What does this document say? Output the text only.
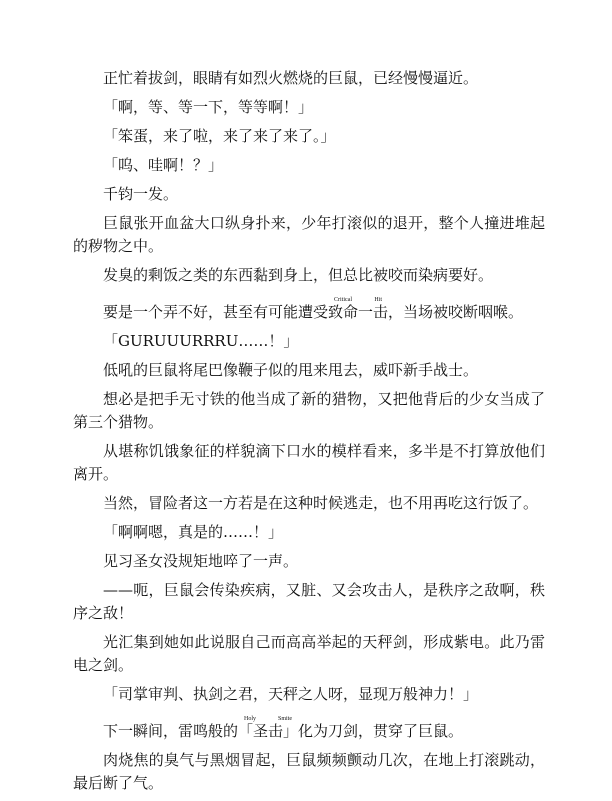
正忙着拔剑，眼睛有如烈火燃烧的巨鼠，已经慢慢逼近。

「啊，等、等一下，等等啊！」

「笨蛋，来了啦，来了来了来了。」

「呜、哇啊！？」

千钧一发。

巨鼠张开血盆大口纵身扑来，少年打滚似的退开，整个人撞进堆起的秽物之中。

发臭的剩饭之类的东西黏到身上，但总比被咬而染病要好。

要是一个弄不好，甚至有可能遭受致命一击Critical Hit，当场被咬断咽喉。

「GURUUURRRU……！」

低吼的巨鼠将尾巴像鞭子似的甩来甩去，威吓新手战士。

想必是把手无寸铁的他当成了新的猎物，又把他背后的少女当成了第三个猎物。

从堪称饥饿象征的样貌滴下口水的模样看来，多半是不打算放他们离开。

当然，冒险者这一方若是在这种时候逃走，也不用再吃这行饭了。

「啊啊嗯，真是的……！」

见习圣女没规矩地啐了一声。

——呃，巨鼠会传染疾病，又脏、又会攻击人，是秩序之敌啊，秩序之敌！

光汇集到她如此说服自己而高高举起的天秤剑，形成紫电。此乃雷电之剑。

「司掌审判、执剑之君，天秤之人呀，显现万般神力！」

下一瞬间，雷鸣般的「圣击」Holy Smite化为刀剑，贯穿了巨鼠。

肉烧焦的臭气与黑烟冒起，巨鼠频频颤动几次，在地上打滚跳动，最后断了气。
